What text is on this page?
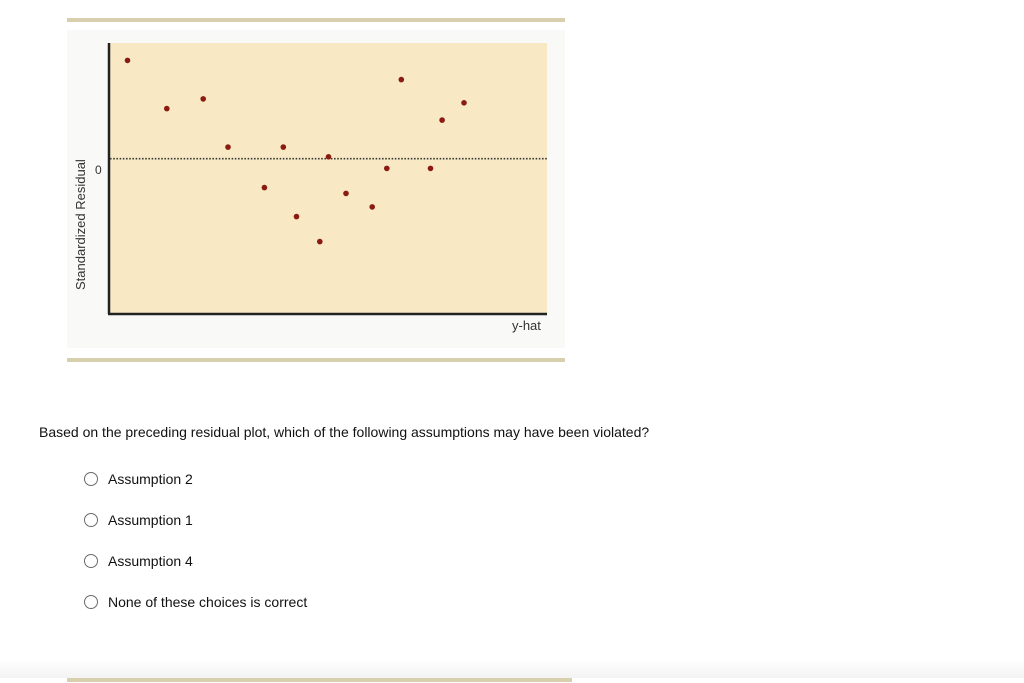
Standardized Residual 0
y-hat
Based on the preceding residual plot, which of the following assumptions may have been violated?
Assumption 2
Assumption 1
Assumption 4
None of these choices is correct
